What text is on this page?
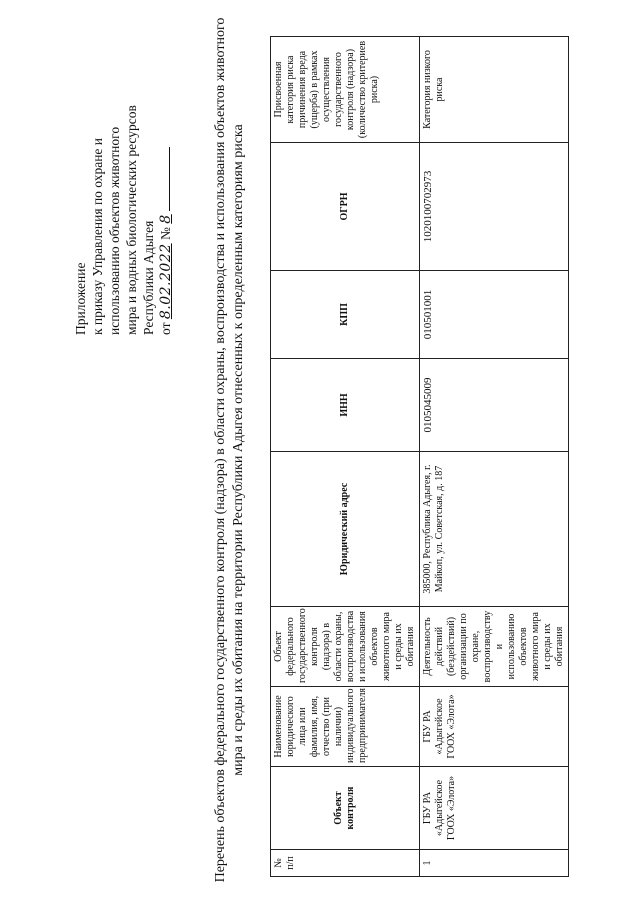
Приложение к приказу Управления по охране и использованию объектов животного мира и водных биологических ресурсов Республики Адыгея от 8.02.2022 № 8	Перечень объектов федерального государственного контроля (надзора) в области охраны, воспроизводства и использования объектов животного мира и среды их обитания на территории Республики Адыгея отнесенных к определенным категориям риска
№ п/п	Объект контроля	Наименование юридического лица или фамилия, имя, отчество (при наличии) индивидуального предпринимателя	Объект федерального государственного контроля (надзора) в области охраны, воспроизводства и использования объектов животного мира и среды их обитания	Юридический адрес	ИНН	КПП	ОГРН	Присвоенная категория риска причинения вреда (ущерба) в рамках осуществления государственного контроля (надзора) (количество критериев риска)
1	ГБУ РА «Адыгейское ГООХ «Элота»	ГБУ РА «Адыгейское ГООХ «Элота»	Деятельность действий (бездействий) организации по охране, воспроизводству и использованию объектов животного мира и среды их обитания	385000, Республика Адыгея, г. Майкоп, ул. Советская, д. 187	0105045009	010501001	1020100702973	Категория низкого риска
